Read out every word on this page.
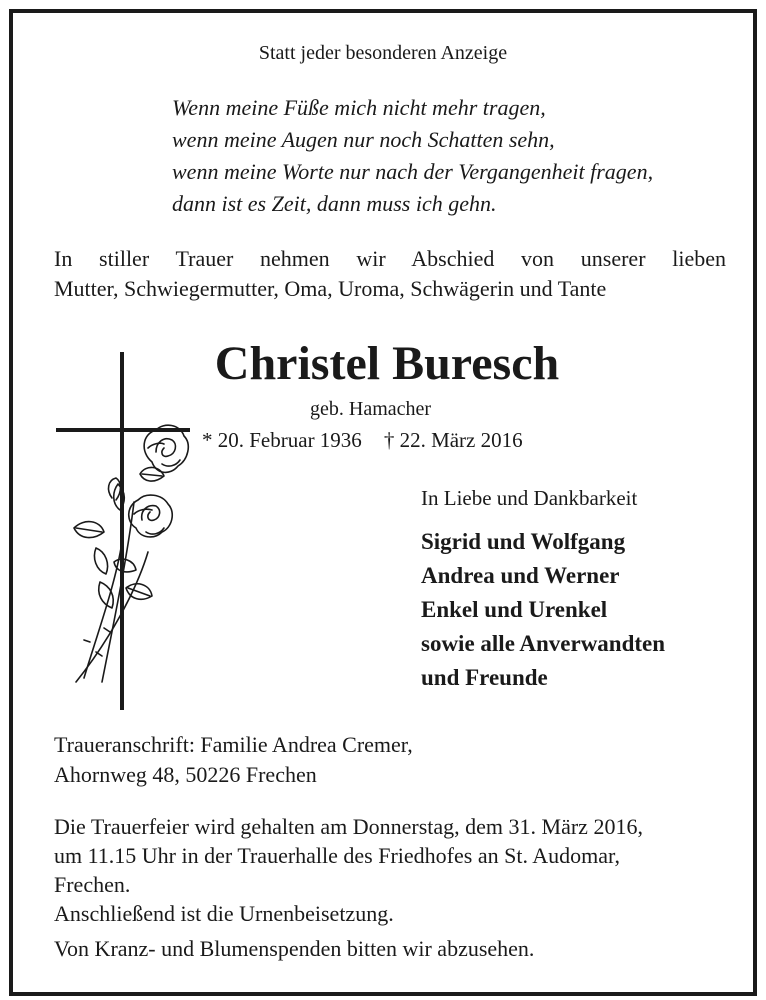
Statt jeder besonderen Anzeige
Wenn meine Füße mich nicht mehr tragen,
wenn meine Augen nur noch Schatten sehn,
wenn meine Worte nur nach der Vergangenheit fragen,
dann ist es Zeit, dann muss ich gehn.
In stiller Trauer nehmen wir Abschied von unserer lieben
Mutter, Schwiegermutter, Oma, Uroma, Schwägerin und Tante
Christel Buresch
geb. Hamacher
* 20. Februar 1936 † 22. März 2016
In Liebe und Dankbarkeit
Sigrid und Wolfgang
Andrea und Werner
Enkel und Urenkel
sowie alle Anverwandten
und Freunde
Traueranschrift: Familie Andrea Cremer,
Ahornweg 48, 50226 Frechen
Die Trauerfeier wird gehalten am Donnerstag, dem 31. März 2016,
um 11.15 Uhr in der Trauerhalle des Friedhofes an St. Audomar,
Frechen.
Anschließend ist die Urnenbeisetzung.
Von Kranz- und Blumenspenden bitten wir abzusehen.
